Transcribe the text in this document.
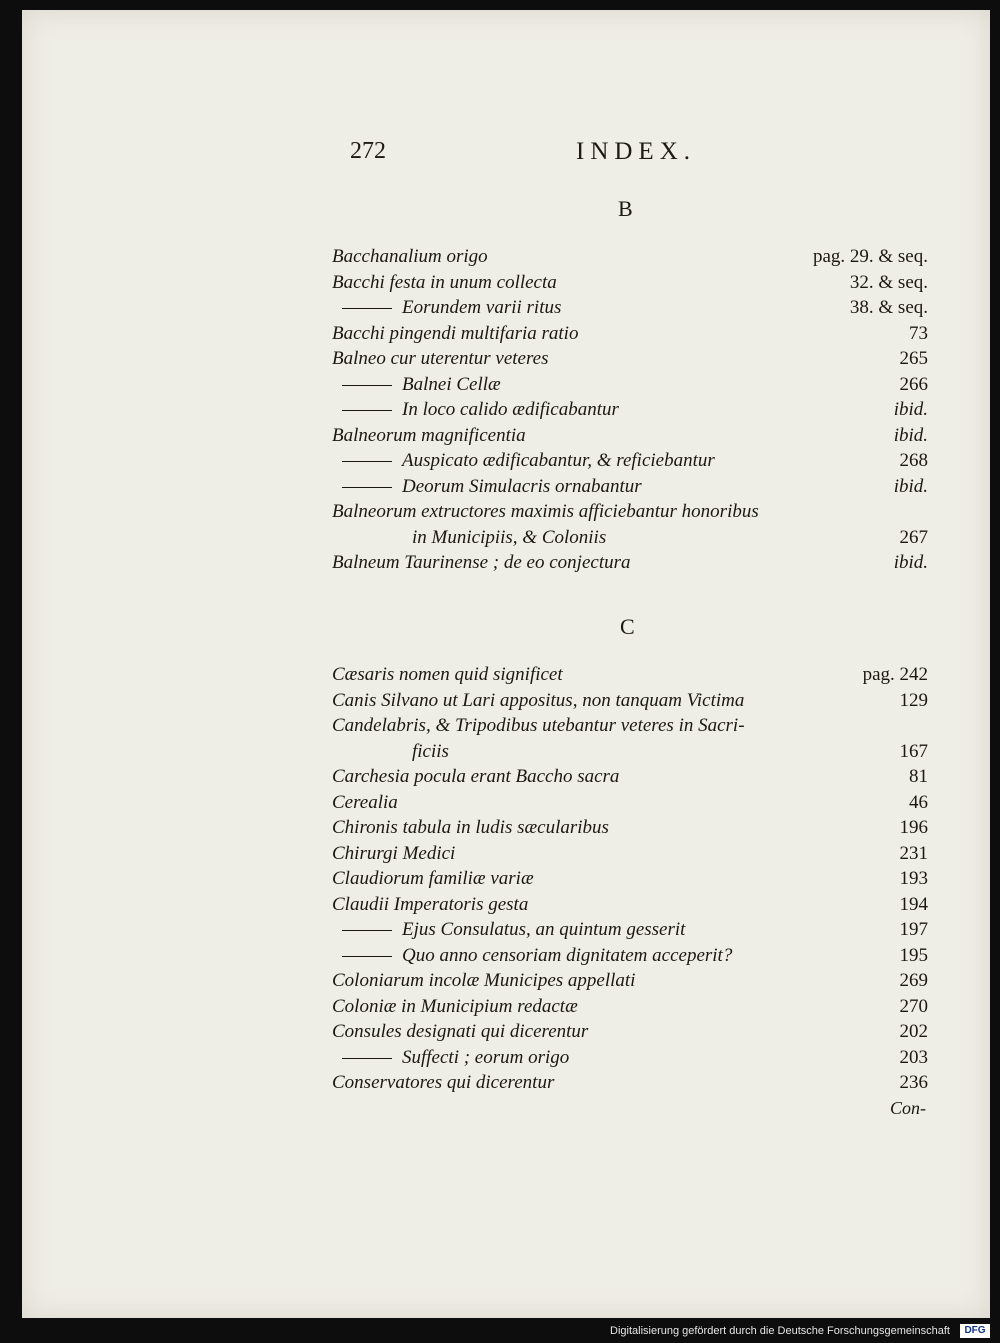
272	INDEX.
B
C
Bacchanalium origo	pag. 29. & seq.
Bacchi festa in unum collecta	32. & seq.
Eorundem varii ritus	38. & seq.
Bacchi pingendi multifaria ratio	73
Balneo cur uterentur veteres	265
Balnei Cellæ	266
In loco calido ædificabantur	ibid.
Balneorum magnificentia	ibid.
Auspicato ædificabantur, & reficiebantur	268
Deorum Simulacris ornabantur	ibid.
Balneorum extructores maximis afficiebantur honoribus
in Municipiis, & Coloniis	267
Balneum Taurinense ; de eo conjectura	ibid.
Cæsaris nomen quid significet	pag. 242
Canis Silvano ut Lari appositus, non tanquam Victima	129
Candelabris, & Tripodibus utebantur veteres in Sacri-
ficiis	167
Carchesia pocula erant Baccho sacra	81
Cerealia	46
Chironis tabula in ludis sæcularibus	196
Chirurgi Medici	231
Claudiorum familiæ variæ	193
Claudii Imperatoris gesta	194
Ejus Consulatus, an quintum gesserit	197
Quo anno censoriam dignitatem acceperit?	195
Coloniarum incolæ Municipes appellati	269
Coloniæ in Municipium redactæ	270
Consules designati qui dicerentur	202
Suffecti ; eorum origo	203
Conservatores qui dicerentur	236
Con-
Digitalisierung gefördert durch die Deutsche Forschungsgemeinschaft	DFG
